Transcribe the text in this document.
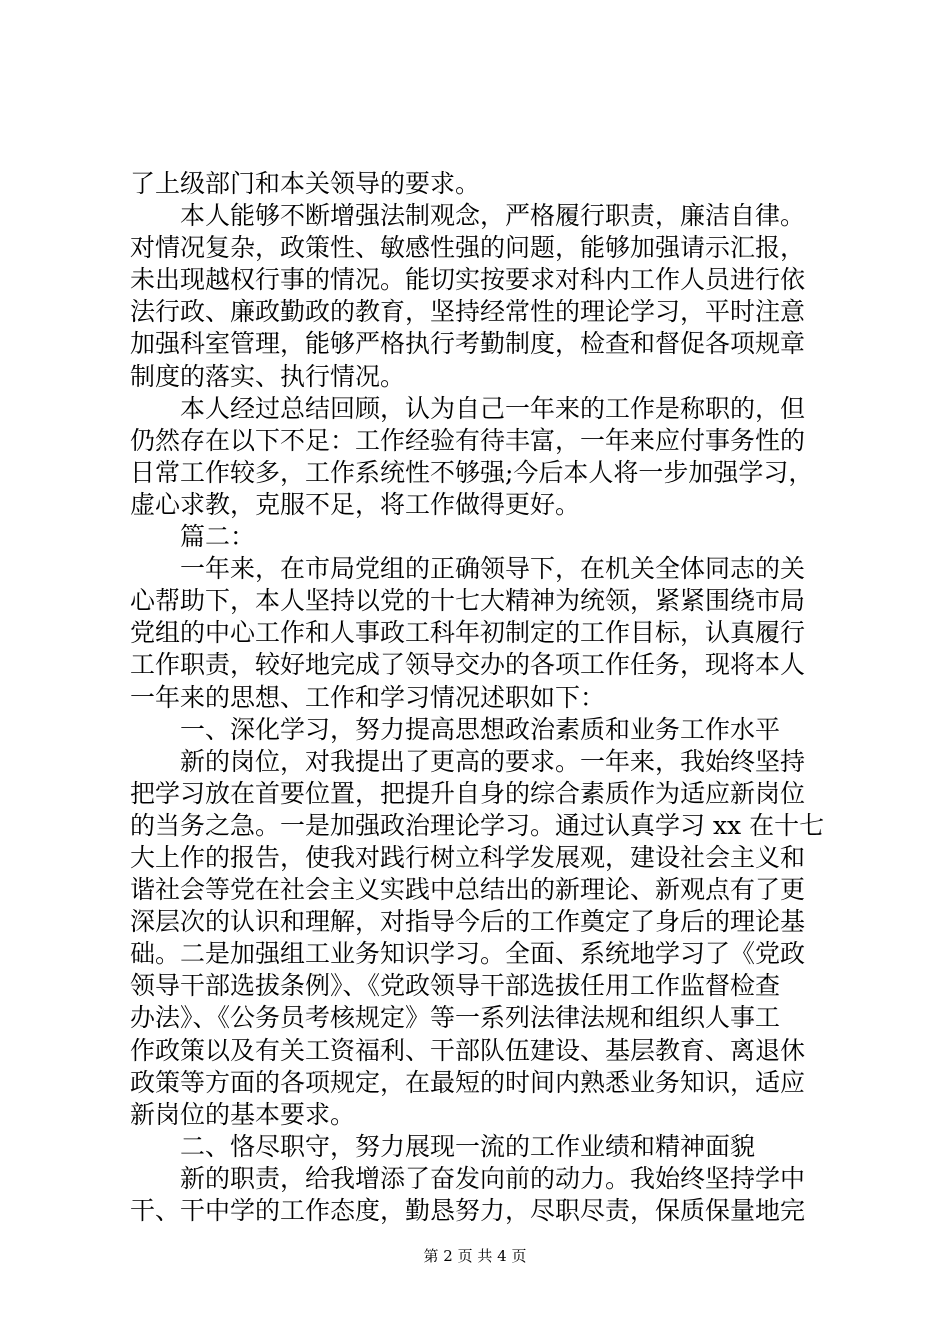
了上级部门和本关领导的要求。
　　本人能够不断增强法制观念，严格履行职责，廉洁自律。
对情况复杂，政策性、敏感性强的问题，能够加强请示汇报，
未出现越权行事的情况。能切实按要求对科内工作人员进行依
法行政、廉政勤政的教育，坚持经常性的理论学习，平时注意
加强科室管理，能够严格执行考勤制度，检查和督促各项规章
制度的落实、执行情况。
　　本人经过总结回顾，认为自己一年来的工作是称职的，但
仍然存在以下不足：工作经验有待丰富，一年来应付事务性的
日常工作较多，工作系统性不够强;今后本人将一步加强学习，
虚心求教，克服不足，将工作做得更好。
　　篇二：
　　一年来，在市局党组的正确领导下，在机关全体同志的关
心帮助下，本人坚持以党的十七大精神为统领，紧紧围绕市局
党组的中心工作和人事政工科年初制定的工作目标，认真履行
工作职责，较好地完成了领导交办的各项工作任务，现将本人
一年来的思想、工作和学习情况述职如下：
　　一、深化学习，努力提高思想政治素质和业务工作水平
　　新的岗位，对我提出了更高的要求。一年来，我始终坚持
把学习放在首要位置，把提升自身的综合素质作为适应新岗位
的当务之急。一是加强政治理论学习。通过认真学习 xx 在十七
大上作的报告，使我对践行树立科学发展观，建设社会主义和
谐社会等党在社会主义实践中总结出的新理论、新观点有了更
深层次的认识和理解，对指导今后的工作奠定了身后的理论基
础。二是加强组工业务知识学习。全面、系统地学习了《党政
领导干部选拔条例》、《党政领导干部选拔任用工作监督检查
办法》、《公务员考核规定》等一系列法律法规和组织人事工
作政策以及有关工资福利、干部队伍建设、基层教育、离退休
政策等方面的各项规定，在最短的时间内熟悉业务知识，适应
新岗位的基本要求。
　　二、恪尽职守，努力展现一流的工作业绩和精神面貌
　　新的职责，给我增添了奋发向前的动力。我始终坚持学中
干、干中学的工作态度，勤恳努力，尽职尽责，保质保量地完
第 2 页 共 4 页
